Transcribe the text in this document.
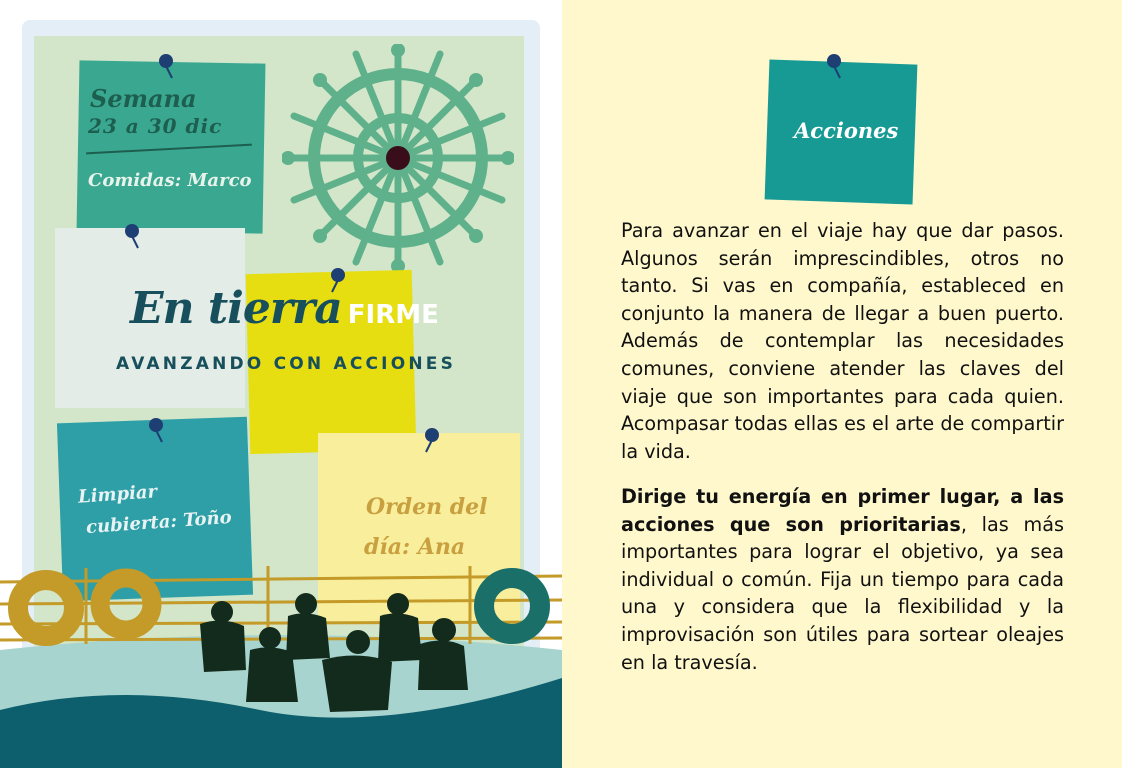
Semana
23 a 30 dic
Comidas: Marco
Limpiar
cubierta: Toño	Orden del
día: Ana
En tierra FIRME
AVANZANDO CON ACCIONES
Acciones
Para avanzar en el viaje hay que dar pasos. Algunos serán imprescindibles, otros no tanto. Si vas en compañía, estableced en conjunto la manera de llegar a buen puerto. Además de contemplar las necesidades comunes, conviene atender las claves del viaje que son importantes para cada quien. Acompasar todas ellas es el arte de compartir la vida.
Dirige tu energía en primer lugar, a las acciones que son prioritarias, las más importantes para lograr el objetivo, ya sea individual o común. Fija un tiempo para cada una y considera que la flexibilidad y la improvisación son útiles para sortear oleajes en la travesía.
